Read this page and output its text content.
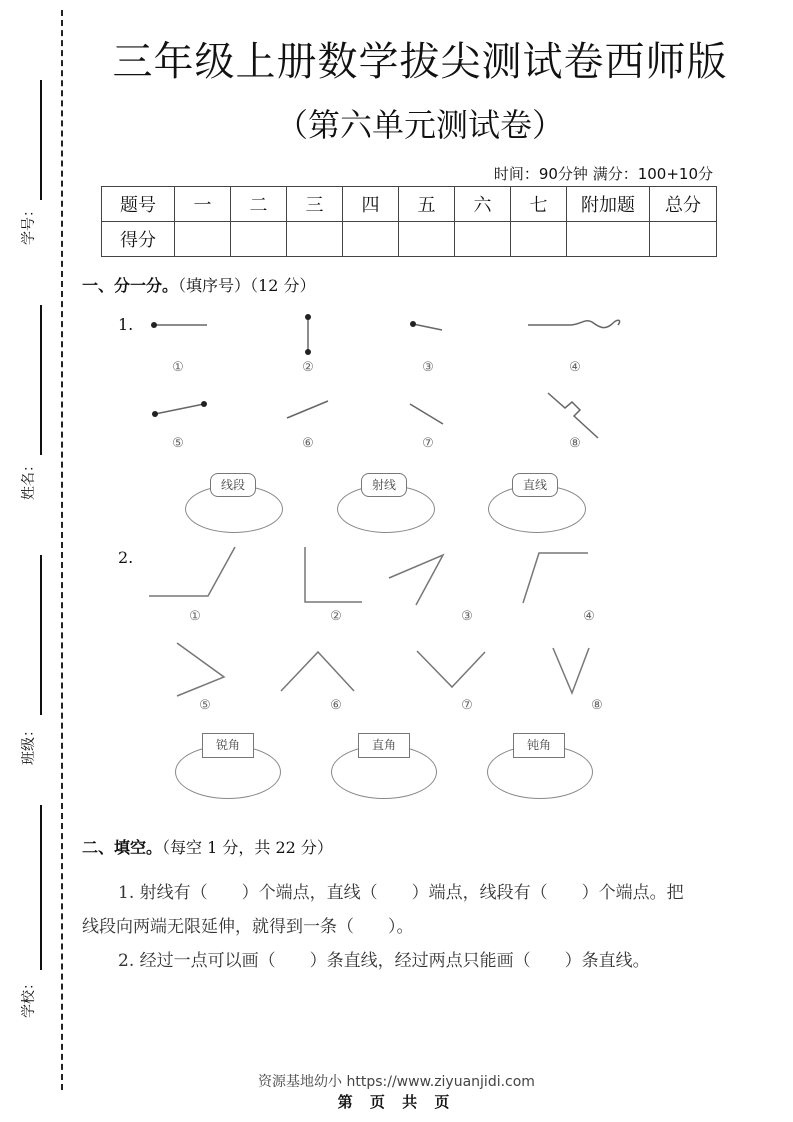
学号：
姓名：
班级：
学校：
三年级上册数学拔尖测试卷西师版
（第六单元测试卷）
时间：90分钟 满分：100+10分
题号	一	二	三	四	五	六	七	附加题	总分
得分									
一、分一分。（填序号）（12 分）
1.
①	②	③	④
⑤	⑥	⑦	⑧
线段	射线	直线
2.
①	②	③	④
⑤	⑥	⑦	⑧
锐角	直角	钝角
二、填空。（每空 1 分，共 22 分）
1. 射线有（　　）个端点，直线（　　）端点，线段有（　　）个端点。把
线段向两端无限延伸，就得到一条（　　）。
2. 经过一点可以画（　　）条直线，经过两点只能画（　　）条直线。
资源基地幼小 https://www.ziyuanjidi.com
第 页 共 页
